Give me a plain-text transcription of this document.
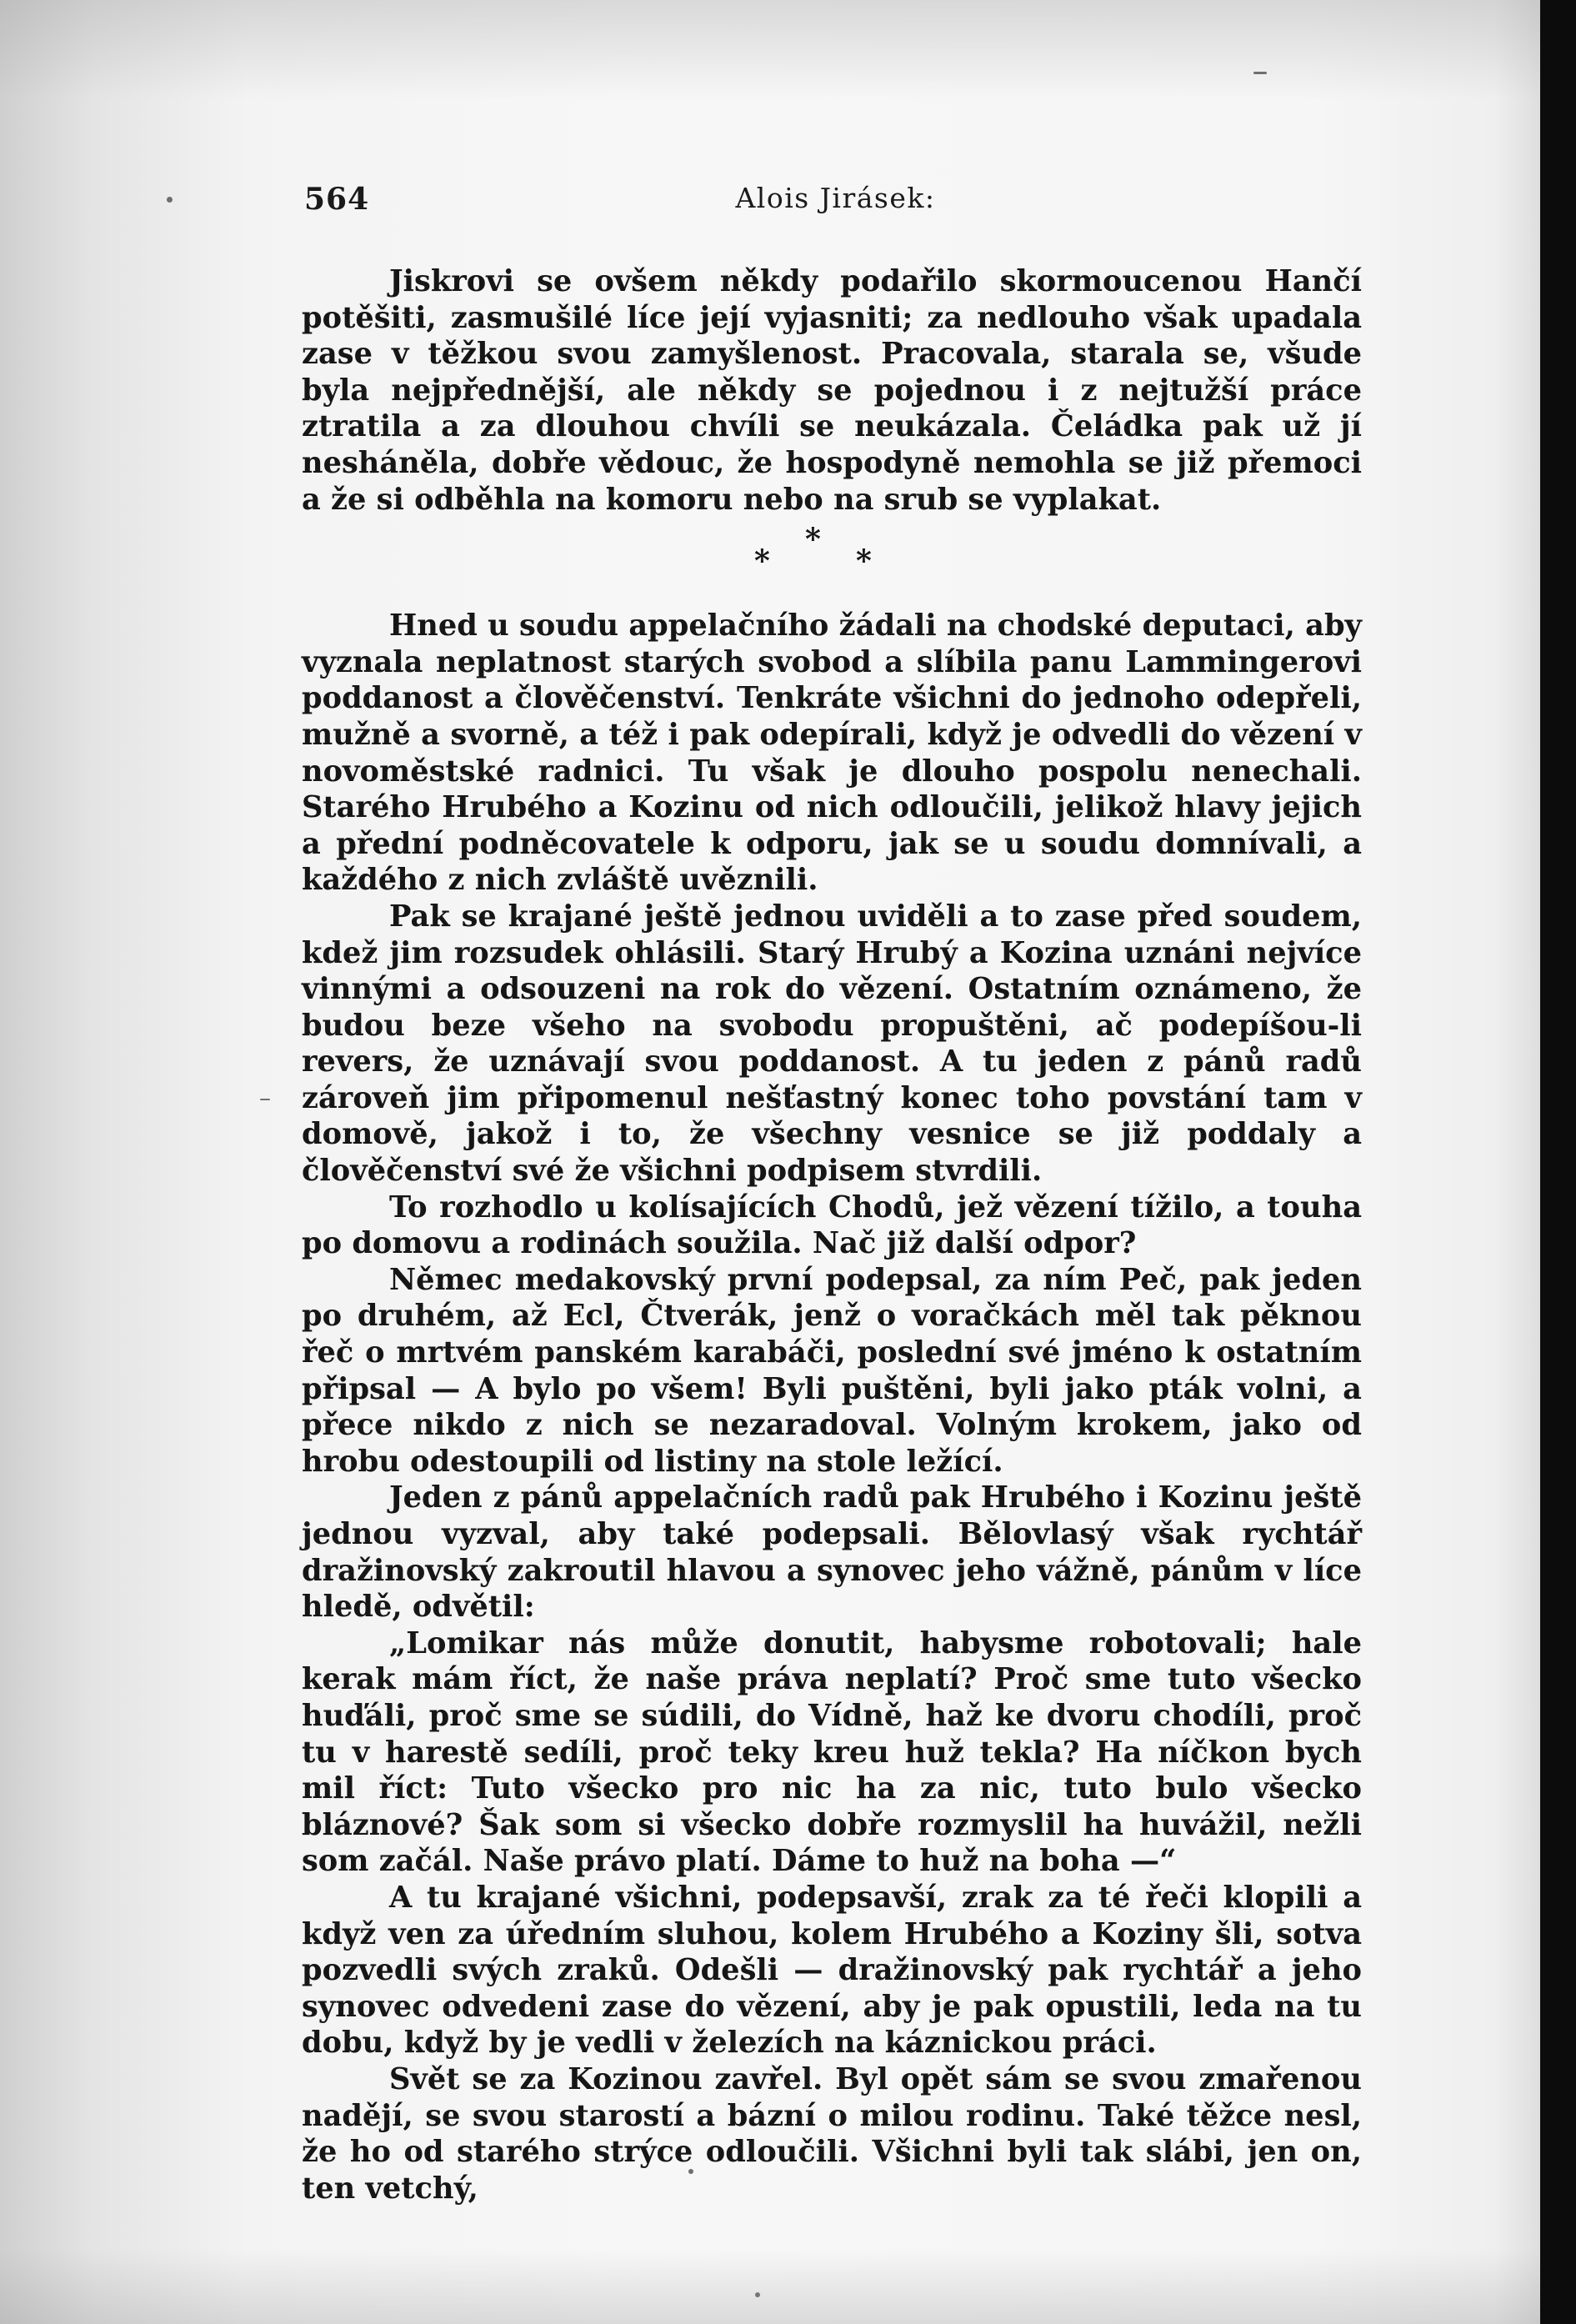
564	Alois Jirásek:

Jiskrovi se ovšem někdy podařilo skormoucenou Hančí potěšiti, zasmušilé líce její vyjasniti; za nedlouho však upadala zase v těžkou svou zamyšlenost. Pracovala, starala se, všude byla nejpřednější, ale někdy se pojednou i z nejtužší práce ztratila a za dlouhou chvíli se neukázala. Čeládka pak už jí nesháněla, dobře vědouc, že hospodyně nemohla se již přemoci a že si odběhla na komoru nebo na srub se vyplakat.

*
*
*

Hned u soudu appelačního žádali na chodské deputaci, aby vyznala neplatnost starých svobod a slíbila panu Lammingerovi poddanost a člověčenství. Tenkráte všichni do jednoho odepřeli, mužně a svorně, a též i pak odepírali, když je odvedli do vězení v novoměstské radnici. Tu však je dlouho pospolu nenechali. Starého Hrubého a Kozinu od nich odloučili, jelikož hlavy jejich a přední podněcovatele k odporu, jak se u soudu domnívali, a každého z nich zvláště uvěznili.

Pak se krajané ještě jednou uviděli a to zase před soudem, kdež jim rozsudek ohlásili. Starý Hrubý a Kozina uznáni nejvíce vinnými a odsouzeni na rok do vězení. Ostatním oznámeno, že budou beze všeho na svobodu propuštěni, ač podepíšou-li revers, že uznávají svou poddanost. A tu jeden z pánů radů zároveň jim připomenul nešťastný konec toho povstání tam v domově, jakož i to, že všechny vesnice se již poddaly a člověčenství své že všichni podpisem stvrdili.

To rozhodlo u kolísajících Chodů, jež vězení tížilo, a touha po domovu a rodinách soužila. Nač již další odpor?

Němec medakovský první podepsal, za ním Peč, pak jeden po druhém, až Ecl, Čtverák, jenž o voračkách měl tak pěknou řeč o mrtvém panském karabáči, poslední své jméno k ostatním připsal — A bylo po všem! Byli puštěni, byli jako pták volni, a přece nikdo z nich se nezaradoval. Volným krokem, jako od hrobu odestoupili od listiny na stole ležící.

Jeden z pánů appelačních radů pak Hrubého i Kozinu ještě jednou vyzval, aby také podepsali. Bělovlasý však rychtář dražinovský zakroutil hlavou a synovec jeho vážně, pánům v líce hledě, odvětil:

„Lomikar nás může donutit, habysme robotovali; hale kerak mám říct, že naše práva neplatí? Proč sme tuto všecko huďáli, proč sme se súdili, do Vídně, haž ke dvoru chodíli, proč tu v harestě sedíli, proč teky kreu huž tekla? Ha níčkon bych mil říct: Tuto všecko pro nic ha za nic, tuto bulo všecko bláznové? Šak som si všecko dobře rozmyslil ha huvážil, nežli som začál. Naše právo platí. Dáme to huž na boha —“

A tu krajané všichni, podepsavší, zrak za té řeči klopili a když ven za úředním sluhou, kolem Hrubého a Koziny šli, sotva pozvedli svých zraků. Odešli — dražinovský pak rychtář a jeho synovec odvedeni zase do vězení, aby je pak opustili, leda na tu dobu, když by je vedli v železích na káznickou práci.

Svět se za Kozinou zavřel. Byl opět sám se svou zmařenou nadějí, se svou starostí a bázní o milou rodinu. Také těžce nesl, že ho od starého strýce odloučili. Všichni byli tak slábi, jen on, ten vetchý,
